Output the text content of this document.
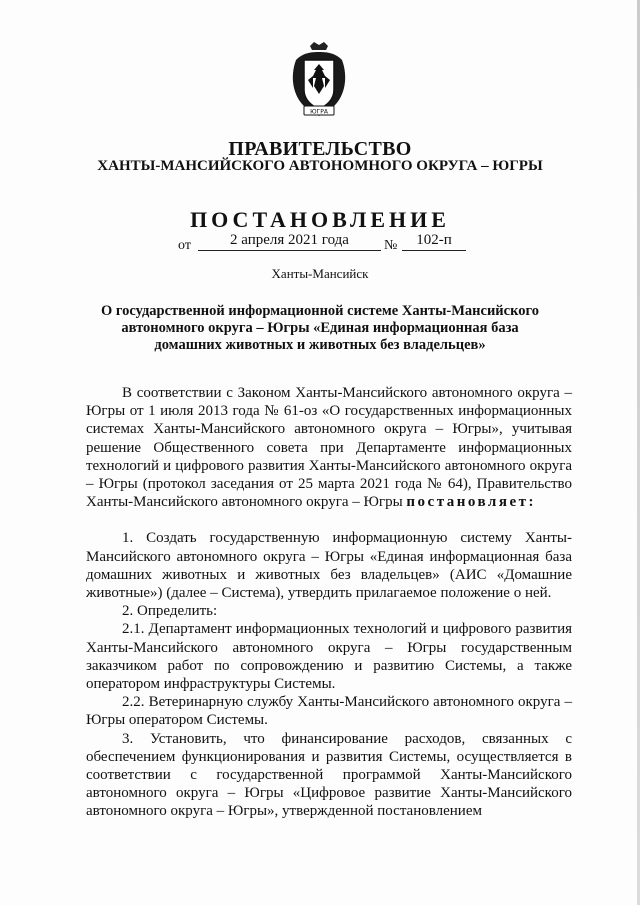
ЮГРА
ПРАВИТЕЛЬСТВО
ХАНТЫ-МАНСИЙСКОГО АВТОНОМНОГО ОКРУГА – ЮГРЫ
ПОСТАНОВЛЕНИЕ
от	2 апреля 2021 года	№	102-п
Ханты-Мансийск
О государственной информационной системе Ханты-Мансийского
автономного округа – Югры «Единая информационная база
домашних животных и животных без владельцев»

В соответствии с Законом Ханты-Мансийского автономного округа – Югры от 1 июля 2013 года № 61-оз «О государственных информационных системах Ханты-Мансийского автономного округа – Югры», учитывая решение Общественного совета при Департаменте информационных технологий и цифрового развития Ханты-Мансийского автономного округа – Югры (протокол заседания от 25 марта 2021 года № 64), Правительство Ханты-Мансийского автономного округа – Югры постановляет:

1. Создать государственную информационную систему Ханты-Мансийского автономного округа – Югры «Единая информационная база домашних животных и животных без владельцев» (АИС «Домашние животные») (далее – Система), утвердить прилагаемое положение о ней.

2. Определить:

2.1. Департамент информационных технологий и цифрового развития Ханты-Мансийского автономного округа – Югры государственным заказчиком работ по сопровождению и развитию Системы, а также оператором инфраструктуры Системы.

2.2. Ветеринарную службу Ханты-Мансийского автономного округа – Югры оператором Системы.

3. Установить, что финансирование расходов, связанных с обеспечением функционирования и развития Системы, осуществляется в соответствии с государственной программой Ханты-Мансийского автономного округа – Югры «Цифровое развитие Ханты-Мансийского автономного округа – Югры», утвержденной постановлением
